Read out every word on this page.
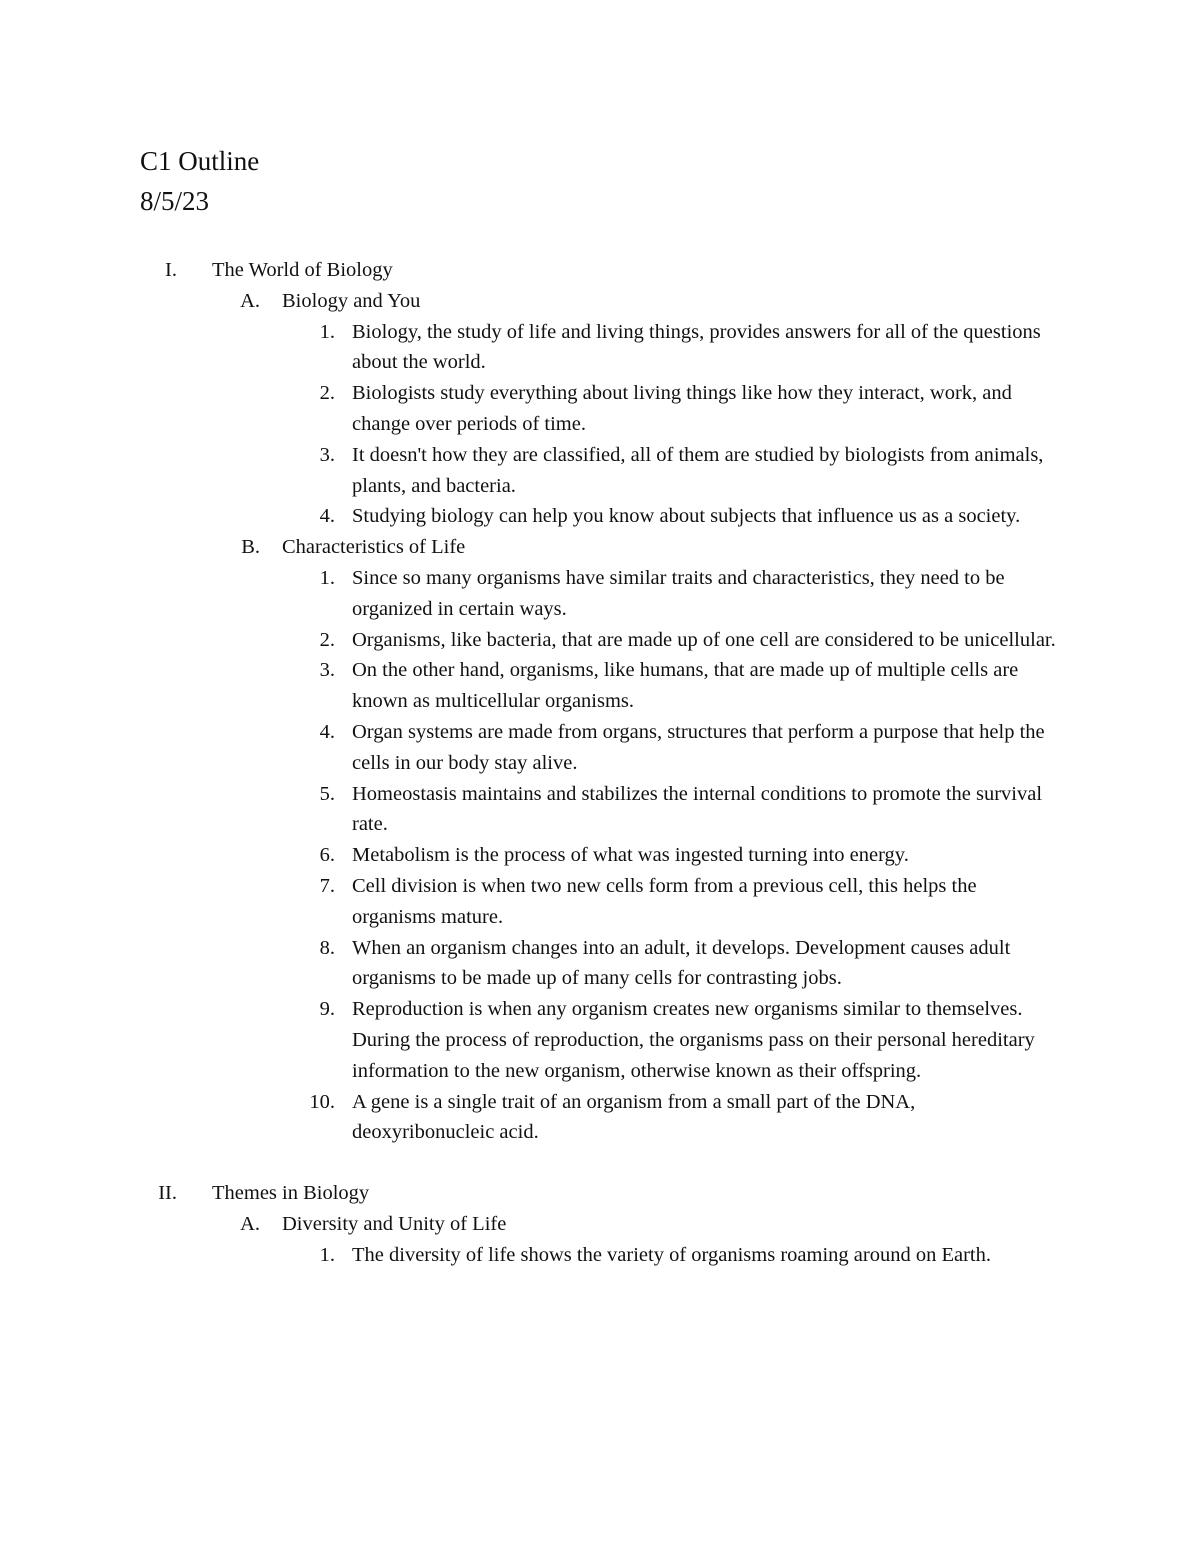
C1 Outline
8/5/23
I. The World of Biology
A. Biology and You
1. Biology, the study of life and living things, provides answers for all of the questions about the world.
2. Biologists study everything about living things like how they interact, work, and change over periods of time.
3. It doesn't how they are classified, all of them are studied by biologists from animals, plants, and bacteria.
4. Studying biology can help you know about subjects that influence us as a society.
B. Characteristics of Life
1. Since so many organisms have similar traits and characteristics, they need to be organized in certain ways.
2. Organisms, like bacteria, that are made up of one cell are considered to be unicellular.
3. On the other hand, organisms, like humans, that are made up of multiple cells are known as multicellular organisms.
4. Organ systems are made from organs, structures that perform a purpose that help the cells in our body stay alive.
5. Homeostasis maintains and stabilizes the internal conditions to promote the survival rate.
6. Metabolism is the process of what was ingested turning into energy.
7. Cell division is when two new cells form from a previous cell, this helps the organisms mature.
8. When an organism changes into an adult, it develops. Development causes adult organisms to be made up of many cells for contrasting jobs.
9. Reproduction is when any organism creates new organisms similar to themselves. During the process of reproduction, the organisms pass on their personal hereditary information to the new organism, otherwise known as their offspring.
10. A gene is a single trait of an organism from a small part of the DNA, deoxyribonucleic acid.
II. Themes in Biology
A. Diversity and Unity of Life
1. The diversity of life shows the variety of organisms roaming around on Earth.
